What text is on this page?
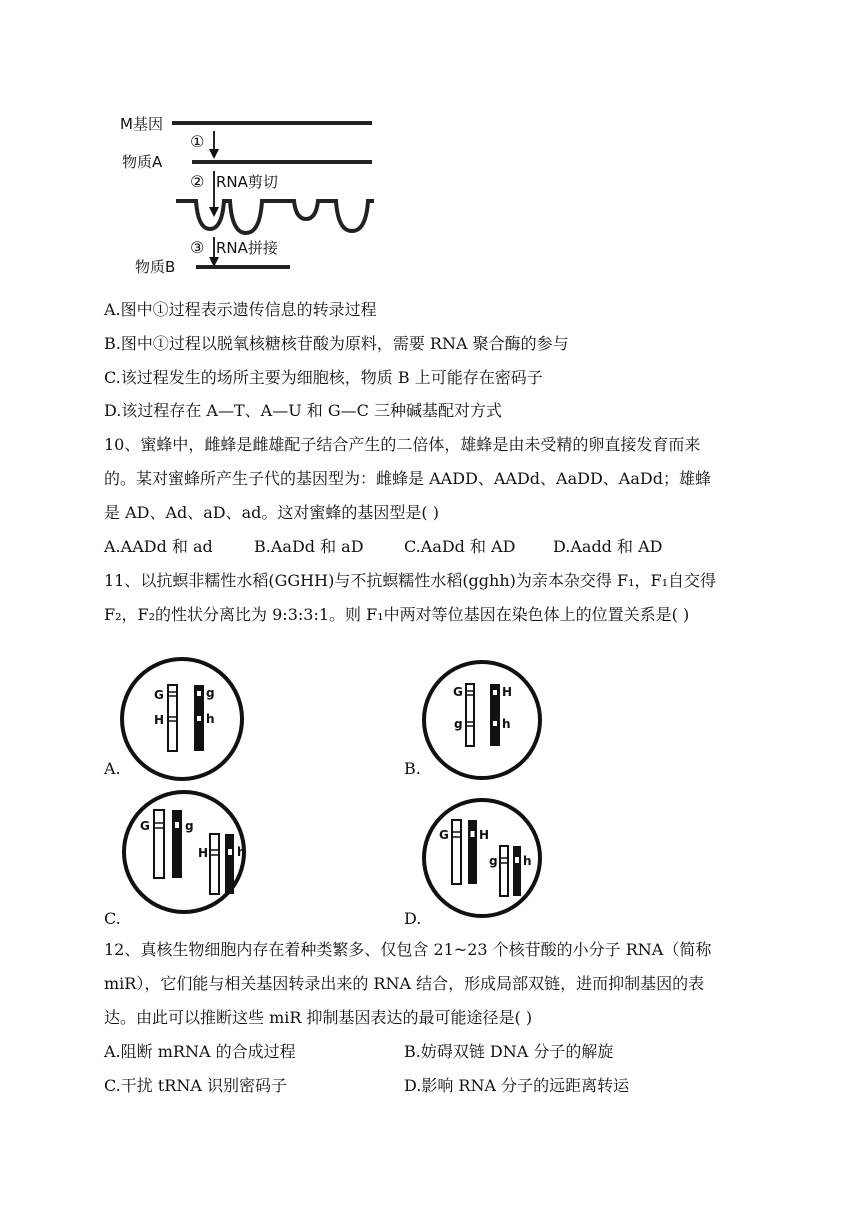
M基因
①
物质A
② RNA剪切
③ RNA拼接
物质B
A.图中①过程表示遗传信息的转录过程
B.图中①过程以脱氧核糖核苷酸为原料，需要 RNA 聚合酶的参与
C.该过程发生的场所主要为细胞核，物质 B 上可能存在密码子
D.该过程存在 A—T、A—U 和 G—C 三种碱基配对方式
10、蜜蜂中，雌蜂是雌雄配子结合产生的二倍体，雄蜂是由未受精的卵直接发育而来
的。某对蜜蜂所产生子代的基因型为：雌蜂是 AADD、AADd、AaDD、AaDd；雄蜂
是 AD、Ad、aD、ad。这对蜜蜂的基因型是( )
A.AADd 和 ad	B.AaDd 和 aD	C.AaDd 和 AD D.Aadd 和 AD
11、以抗螟非糯性水稻(GGHH)与不抗螟糯性水稻(gghh)为亲本杂交得 F₁，F₁自交得
F₂，F₂的性状分离比为 9:3:3:1。则 F₁中两对等位基因在染色体上的位置关系是( )
G
H
g
h
A.
G
g
H
h
B.
G	g
H h
C.
G	H
g h
D.
12、真核生物细胞内存在着种类繁多、仅包含 21~23 个核苷酸的小分子 RNA（简称
miR），它们能与相关基因转录出来的 RNA 结合，形成局部双链，进而抑制基因的表
达。由此可以推断这些 miR 抑制基因表达的最可能途径是( )
A.阻断 mRNA 的合成过程	B.妨碍双链 DNA 分子的解旋
C.干扰 tRNA 识别密码子	D.影响 RNA 分子的远距离转运
